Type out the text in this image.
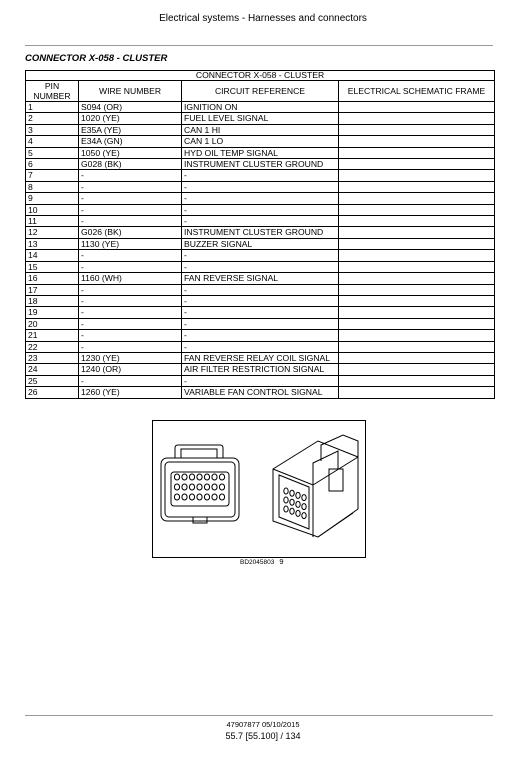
Electrical systems - Harnesses and connectors
CONNECTOR X-058 - CLUSTER
CONNECTOR X-058 - CLUSTER			
PIN NUMBER	WIRE NUMBER	CIRCUIT REFERENCE	ELECTRICAL SCHEMATIC FRAME
1	S094 (OR)	IGNITION ON	
2	1020 (YE)	FUEL LEVEL SIGNAL	
3	E35A (YE)	CAN 1 HI	
4	E34A (GN)	CAN 1 LO	
5	1050 (YE)	HYD OIL TEMP SIGNAL	
6	G028 (BK)	INSTRUMENT CLUSTER GROUND	
7	-	-	
8	-	-	
9	-	-	
10	-	-	
11	-	-	
12	G026 (BK)	INSTRUMENT CLUSTER GROUND	
13	1130 (YE)	BUZZER SIGNAL	
14	-	-	
15	-	-	
16	1160 (WH)	FAN REVERSE SIGNAL	
17	-	-	
18	-	-	
19	-	-	
20	-	-	
21	-	-	
22	-	-	
23	1230 (YE)	FAN REVERSE RELAY COIL SIGNAL	
24	1240 (OR)	AIR FILTER RESTRICTION SIGNAL	
25	-	-	
26	1260 (YE)	VARIABLE FAN CONTROL SIGNAL	
BD2045803 9
47907877 05/10/2015
55.7 [55.100] / 134
